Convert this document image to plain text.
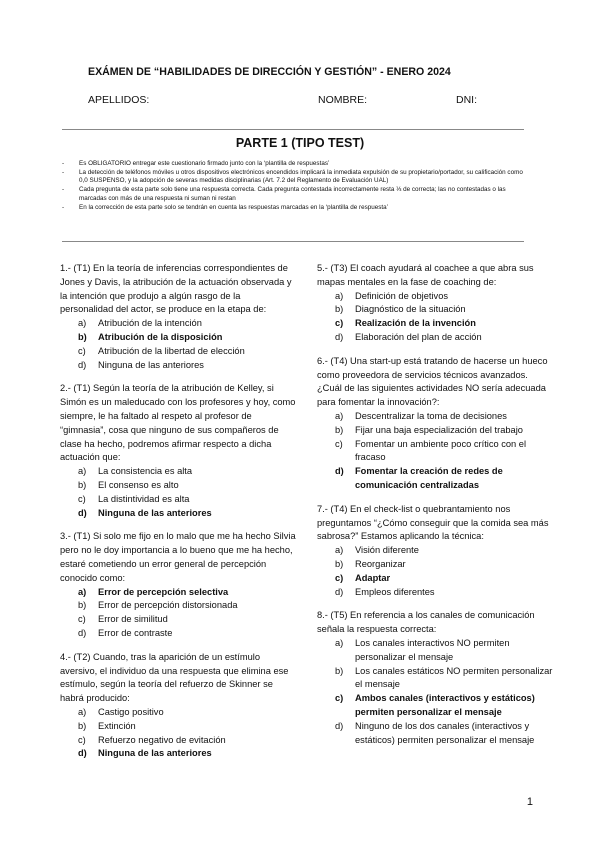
EXÁMEN DE “HABILIDADES DE DIRECCIÓN Y GESTIÓN” - ENERO 2024
APELLIDOS:	NOMBRE:	DNI:
PARTE 1 (TIPO TEST)
-	Es OBLIGATORIO entregar este cuestionario firmado junto con la ‘plantilla de respuestas’
-	La detección de teléfonos móviles u otros dispositivos electrónicos encendidos implicará la inmediata expulsión de su propietario/portador, su calificación como 0,0 SUSPENSO, y la adopción de severas medidas disciplinarias (Art. 7.2 del Reglamento de Evaluación UAL)
-	Cada pregunta de esta parte solo tiene una respuesta correcta. Cada pregunta contestada incorrectamente resta ⅓ de correcta; las no contestadas o las marcadas con más de una respuesta ni suman ni restan
-	En la corrección de esta parte solo se tendrán en cuenta las respuestas marcadas en la ‘plantilla de respuesta’
1.- (T1) En la teoría de inferencias correspondientes de Jones y Davis, la atribución de la actuación observada y la intención que produjo a algún rasgo de la personalidad del actor, se produce en la etapa de:
a)	Atribución de la intención
b)	Atribución de la disposición
c)	Atribución de la libertad de elección
d)	Ninguna de las anteriores
2.- (T1) Según la teoría de la atribución de Kelley, si Simón es un maleducado con los profesores y hoy, como siempre, le ha faltado al respeto al profesor de “gimnasia”, cosa que ninguno de sus compañeros de clase ha hecho, podremos afirmar respecto a dicha actuación que:
a)	La consistencia es alta
b)	El consenso es alto
c)	La distintividad es alta
d)	Ninguna de las anteriores
3.- (T1) Si solo me fijo en lo malo que me ha hecho Silvia pero no le doy importancia a lo bueno que me ha hecho, estaré cometiendo un error general de percepción conocido como:
a)	Error de percepción selectiva
b)	Error de percepción distorsionada
c)	Error de similitud
d)	Error de contraste
4.- (T2) Cuando, tras la aparición de un estímulo aversivo, el individuo da una respuesta que elimina ese estímulo, según la teoría del refuerzo de Skinner se habrá producido:
a)	Castigo positivo
b)	Extinción
c)	Refuerzo negativo de evitación
d)	Ninguna de las anteriores
5.- (T3) El coach ayudará al coachee a que abra sus mapas mentales en la fase de coaching de:
a)	Definición de objetivos
b)	Diagnóstico de la situación
c)	Realización de la invención
d)	Elaboración del plan de acción
6.- (T4) Una start-up está tratando de hacerse un hueco como proveedora de servicios técnicos avanzados. ¿Cuál de las siguientes actividades NO sería adecuada para fomentar la innovación?:
a)	Descentralizar la toma de decisiones
b)	Fijar una baja especialización del trabajo
c)	Fomentar un ambiente poco crítico con el fracaso
d)	Fomentar la creación de redes de comunicación centralizadas
7.- (T4) En el check-list o quebrantamiento nos preguntamos “¿Cómo conseguir que la comida sea más sabrosa?” Estamos aplicando la técnica:
a)	Visión diferente
b)	Reorganizar
c)	Adaptar
d)	Empleos diferentes
8.- (T5) En referencia a los canales de comunicación señala la respuesta correcta:
a)	Los canales interactivos NO permiten personalizar el mensaje
b)	Los canales estáticos NO permiten personalizar el mensaje
c)	Ambos canales (interactivos y estáticos) permiten personalizar el mensaje
d)	Ninguno de los dos canales (interactivos y estáticos) permiten personalizar el mensaje
1
